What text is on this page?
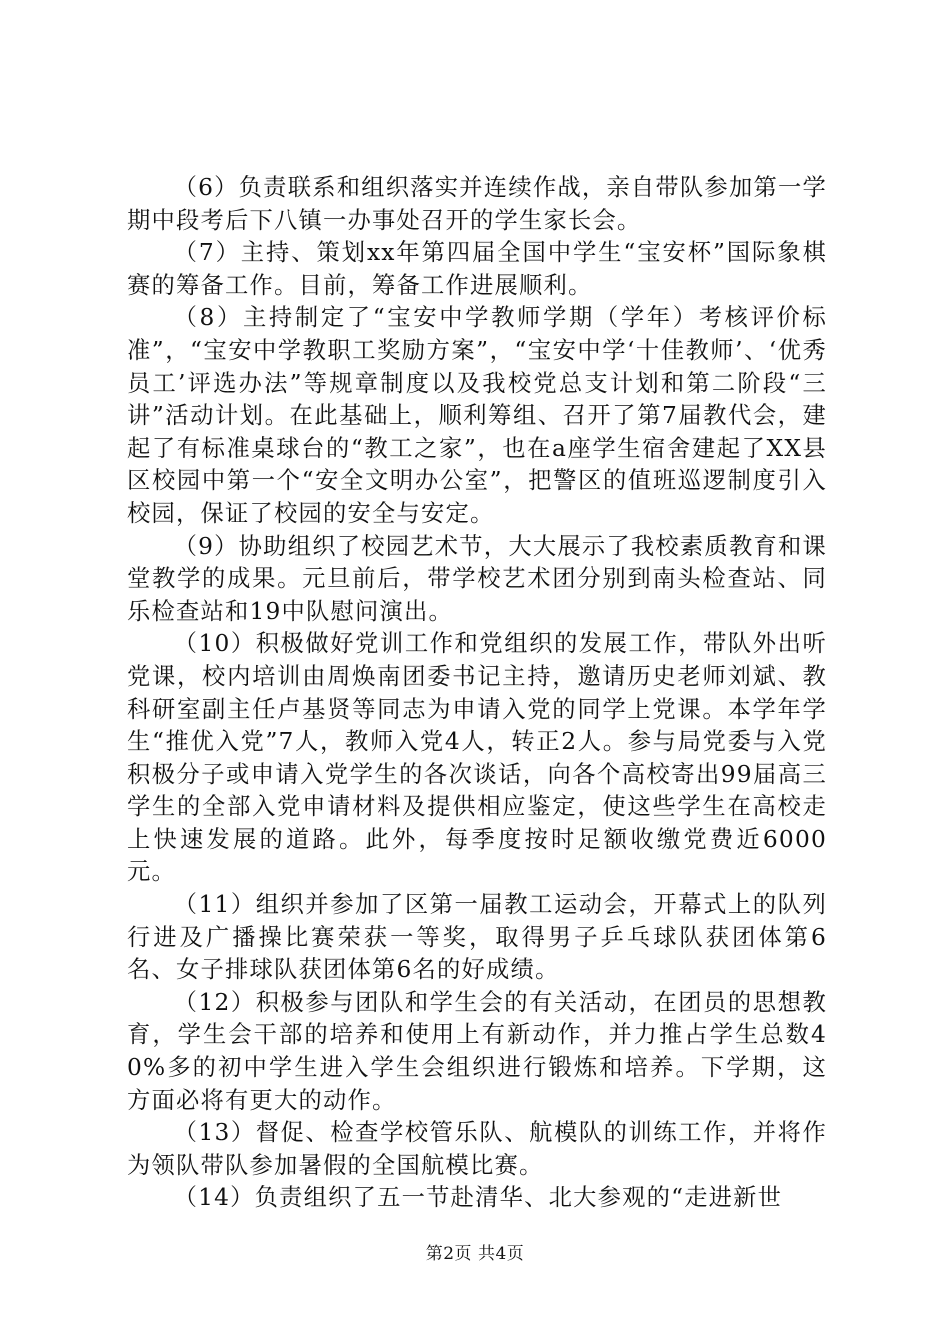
（6）负责联系和组织落实并连续作战，亲自带队参加第一学期中段考后下八镇一办事处召开的学生家长会。

（7）主持、策划xx年第四届全国中学生“宝安杯”国际象棋赛的筹备工作。目前，筹备工作进展顺利。

（8）主持制定了“宝安中学教师学期（学年）考核评价标准”，“宝安中学教职工奖励方案”，“宝安中学‘十佳教师’、‘优秀员工’评选办法”等规章制度以及我校党总支计划和第二阶段“三讲”活动计划。在此基础上，顺利筹组、召开了第7届教代会，建起了有标准桌球台的“教工之家”，也在a座学生宿舍建起了XX县区校园中第一个“安全文明办公室”，把警区的值班巡逻制度引入校园，保证了校园的安全与安定。

（9）协助组织了校园艺术节，大大展示了我校素质教育和课堂教学的成果。元旦前后，带学校艺术团分别到南头检查站、同乐检查站和19中队慰问演出。

（10）积极做好党训工作和党组织的发展工作，带队外出听党课，校内培训由周焕南团委书记主持，邀请历史老师刘斌、教科研室副主任卢基贤等同志为申请入党的同学上党课。本学年学生“推优入党”7人，教师入党4人，转正2人。参与局党委与入党积极分子或申请入党学生的各次谈话，向各个高校寄出99届高三学生的全部入党申请材料及提供相应鉴定，使这些学生在高校走上快速发展的道路。此外，每季度按时足额收缴党费近6000元。

（11）组织并参加了区第一届教工运动会，开幕式上的队列行进及广播操比赛荣获一等奖，取得男子乒乓球队获团体第6名、女子排球队获团体第6名的好成绩。

（12）积极参与团队和学生会的有关活动，在团员的思想教育，学生会干部的培养和使用上有新动作，并力推占学生总数40%多的初中学生进入学生会组织进行锻炼和培养。下学期，这方面必将有更大的动作。

（13）督促、检查学校管乐队、航模队的训练工作，并将作为领队带队参加暑假的全国航模比赛。

（14）负责组织了五一节赴清华、北大参观的“走进新世

第2页 共4页
